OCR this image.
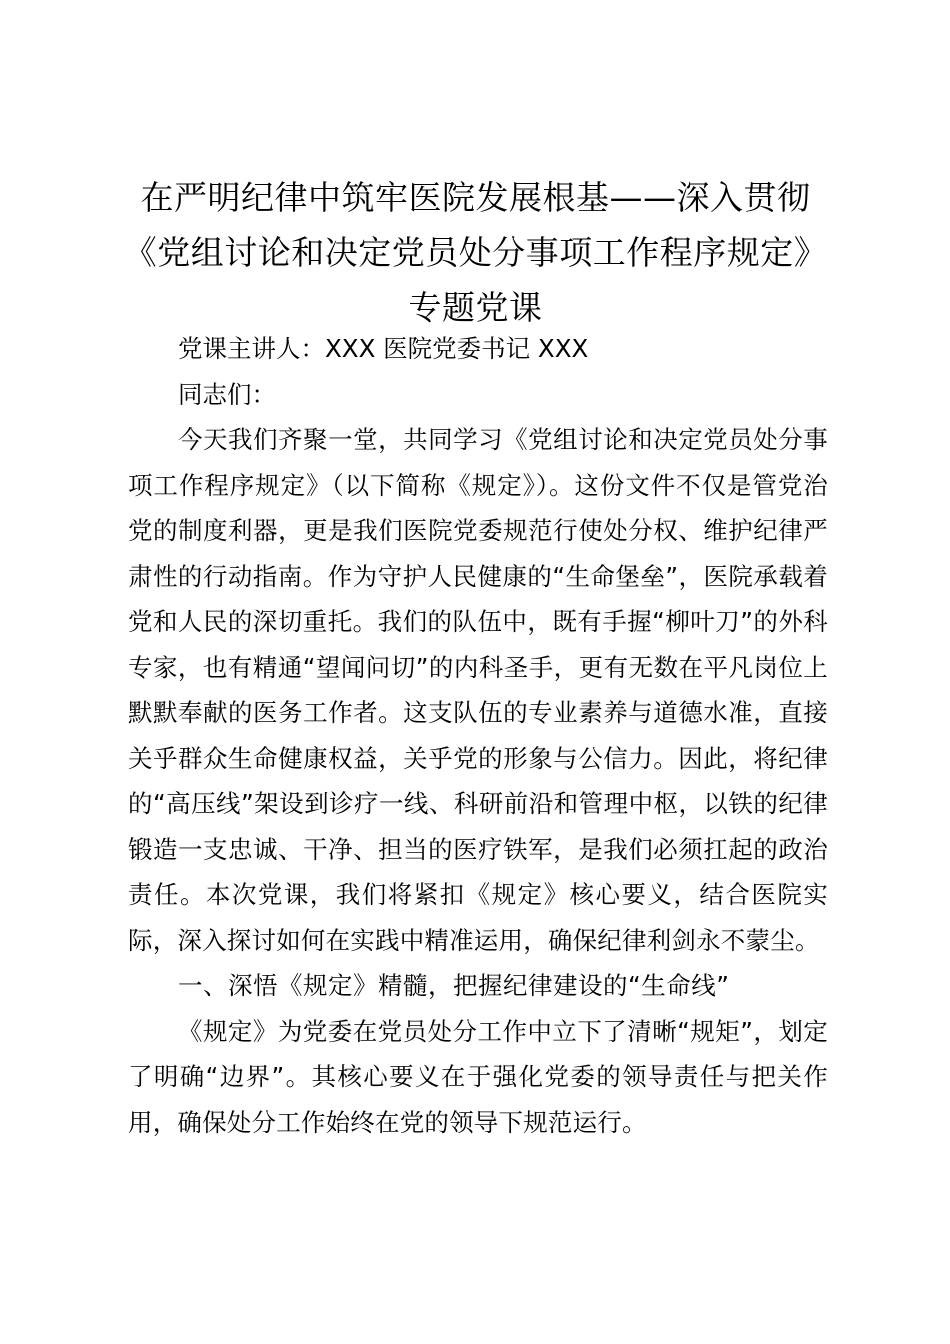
在严明纪律中筑牢医院发展根基——深入贯彻《党组讨论和决定党员处分事项工作程序规定》专题党课

党课主讲人：XXX 医院党委书记 XXX

同志们：

今天我们齐聚一堂，共同学习《党组讨论和决定党员处分事项工作程序规定》（以下简称《规定》）。这份文件不仅是管党治党的制度利器，更是我们医院党委规范行使处分权、维护纪律严肃性的行动指南。作为守护人民健康的“生命堡垒”，医院承载着党和人民的深切重托。我们的队伍中，既有手握“柳叶刀”的外科专家，也有精通“望闻问切”的内科圣手，更有无数在平凡岗位上默默奉献的医务工作者。这支队伍的专业素养与道德水准，直接关乎群众生命健康权益，关乎党的形象与公信力。因此，将纪律的“高压线”架设到诊疗一线、科研前沿和管理中枢，以铁的纪律锻造一支忠诚、干净、担当的医疗铁军，是我们必须扛起的政治责任。本次党课，我们将紧扣《规定》核心要义，结合医院实际，深入探讨如何在实践中精准运用，确保纪律利剑永不蒙尘。

一、深悟《规定》精髓，把握纪律建设的“生命线”

《规定》为党委在党员处分工作中立下了清晰“规矩”，划定了明确“边界”。其核心要义在于强化党委的领导责任与把关作用，确保处分工作始终在党的领导下规范运行。
